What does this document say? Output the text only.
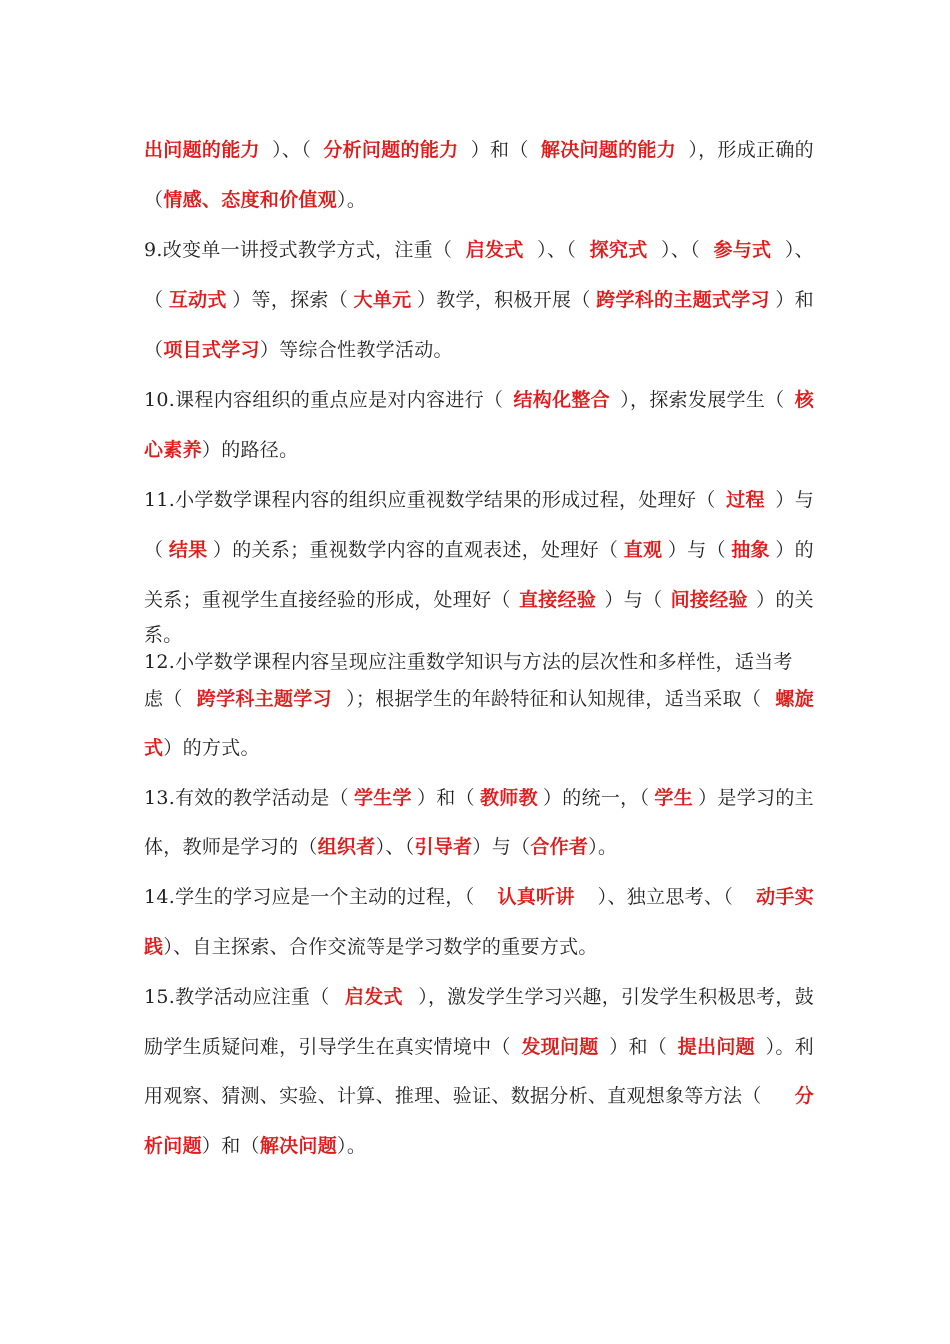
出问题的能力 ）、（ 分析问题的能力 ）和（ 解决问题的能力 ），形成正确的
（情感、态度和价值观）。
9.改变单一讲授式教学方式，注重（ 启发式 ）、（ 探究式 ）、（ 参与式 ）、
（ 互动式 ）等，探索（ 大单元 ）教学，积极开展（ 跨学科的主题式学习 ）和
（项目式学习）等综合性教学活动。
10.课程内容组织的重点应是对内容进行（ 结构化整合 ），探索发展学生（ 核
心素养）的路径。
11.小学数学课程内容的组织应重视数学结果的形成过程，处理好（ 过程 ）与
（ 结果 ）的关系；重视数学内容的直观表述，处理好（ 直观 ）与（ 抽象 ）的
关系；重视学生直接经验的形成，处理好（ 直接经验 ）与（ 间接经验 ）的关
系。
12.小学数学课程内容呈现应注重数学知识与方法的层次性和多样性，适当考
虑（ 跨学科主题学习 ）；根据学生的年龄特征和认知规律，适当采取（ 螺旋
式）的方式。
13.有效的教学活动是（ 学生学 ）和（ 教师教 ）的统一，（ 学生 ）是学习的主
体，教师是学习的（组织者）、（引导者）与（合作者）。
14.学生的学习应是一个主动的过程，（ 认真听讲 ）、独立思考、（ 动手实
践）、自主探索、合作交流等是学习数学的重要方式。
15.教学活动应注重（ 启发式 ），激发学生学习兴趣，引发学生积极思考，鼓
励学生质疑问难，引导学生在真实情境中（ 发现问题 ）和（ 提出问题 ）。利
用观察、猜测、实验、计算、推理、验证、数据分析、直观想象等方法（ 分
析问题）和（解决问题）。
